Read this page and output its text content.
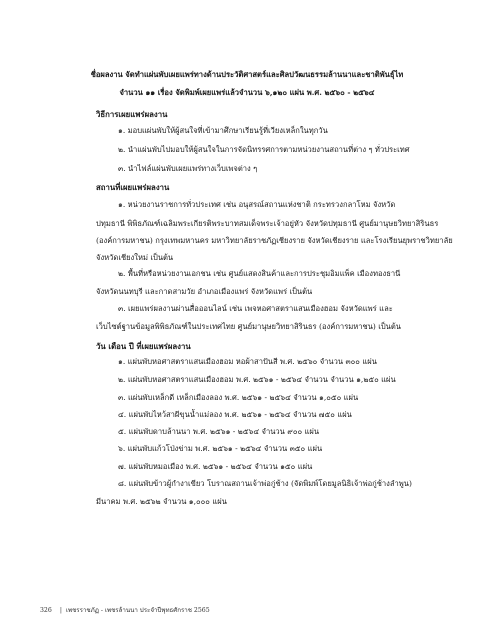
ชื่อผลงาน จัดทำแผ่นพับเผยแพร่ทางด้านประวัติศาสตร์และศิลปวัฒนธรรมล้านนาและชาติพันธุ์ไท
จำนวน ๑๑ เรื่อง จัดพิมพ์เผยแพร่แล้วจำนวน ๖,๑๒๐ แผ่น พ.ศ. ๒๕๖๐ - ๒๕๖๔
วิธีการเผยแพร่ผลงาน
๑. มอบแผ่นพับให้ผู้สนใจที่เข้ามาศึกษาเรียนรู้ที่เวียงเหล็กในทุกวัน
๒. นำแผ่นพับไปมอบให้ผู้สนใจในการจัดนิทรรศการตามหน่วยงานสถานที่ต่าง ๆ ทั่วประเทศ
๓. นำไฟล์แผ่นพับเผยแพร่ทางเว็บเพจต่าง ๆ
สถานที่เผยแพร่ผลงาน
๑. หน่วยงานราชการทั่วประเทศ เช่น อนุสรณ์สถานแห่งชาติ กระทรวงกลาโหม จังหวัด
ปทุมธานี พิพิธภัณฑ์เฉลิมพระเกียรติพระบาทสมเด็จพระเจ้าอยู่หัว จังหวัดปทุมธานี ศูนย์มานุษยวิทยาสิรินธร
(องค์การมหาชน) กรุงเทพมหานคร มหาวิทยาลัยราชภัฏเชียงราย จังหวัดเชียงราย และโรงเรียนยุพราชวิทยาลัย
จังหวัดเชียงใหม่ เป็นต้น
๒. พื้นที่หรือหน่วยงานเอกชน เช่น ศูนย์แสดงสินค้าและการประชุมอิมแพ็ค เมืองทองธานี
จังหวัดนนทบุรี และกาดสามวัย อำเภอเมืองแพร่ จังหวัดแพร่ เป็นต้น
๓. เผยแพร่ผลงานผ่านสื่อออนไลน์ เช่น เพจหอศาสตราแสนเมืองฮอม จังหวัดแพร่ และ
เว็บไซต์ฐานข้อมูลพิพิธภัณฑ์ในประเทศไทย ศูนย์มานุษยวิทยาสิรินธร (องค์การมหาชน) เป็นต้น
วัน เดือน ปี ที่เผยแพร่ผลงาน
๑. แผ่นพับหอศาสตราแสนเมืองฮอม หอผ้าสาปันสี พ.ศ. ๒๕๖๐ จำนวน ๓๐๐ แผ่น
๒. แผ่นพับหอศาสตราแสนเมืองฮอม พ.ศ. ๒๕๖๑ - ๒๕๖๔ จำนวน จำนวน ๑,๒๕๐ แผ่น
๓. แผ่นพับเหล็กดี เหล็กเมืองลอง พ.ศ. ๒๕๖๑ - ๒๕๖๔ จำนวน ๑,๐๕๐ แผ่น
๔. แผ่นพับไหว้สาผีขุนน้ำแม่ลอง พ.ศ. ๒๕๖๑ - ๒๕๖๔ จำนวน ๗๕๐ แผ่น
๕. แผ่นพับดาบล้านนา พ.ศ. ๒๕๖๑ - ๒๕๖๔ จำนวน ๙๐๐ แผ่น
๖. แผ่นพับแก้วโป่งข่าม พ.ศ. ๒๕๖๑ - ๒๕๖๔ จำนวน ๓๕๐ แผ่น
๗. แผ่นพับหมอเมือง พ.ศ. ๒๕๖๑ - ๒๕๖๔ จำนวน ๑๕๐ แผ่น
๘. แผ่นพับข้าวผู้กำงาเขียว โบราณสถานเจ้าพ่อกู่ช้าง (จัดพิมพ์โดยมูลนิธิเจ้าพ่อกู่ช้างลำพูน)
มีนาคม พ.ศ. ๒๕๖๒ จำนวน ๑,๐๐๐ แผ่น
326 | เพชรราชภัฏ - เพชรล้านนา ประจำปีพุทธศักราช 2565
